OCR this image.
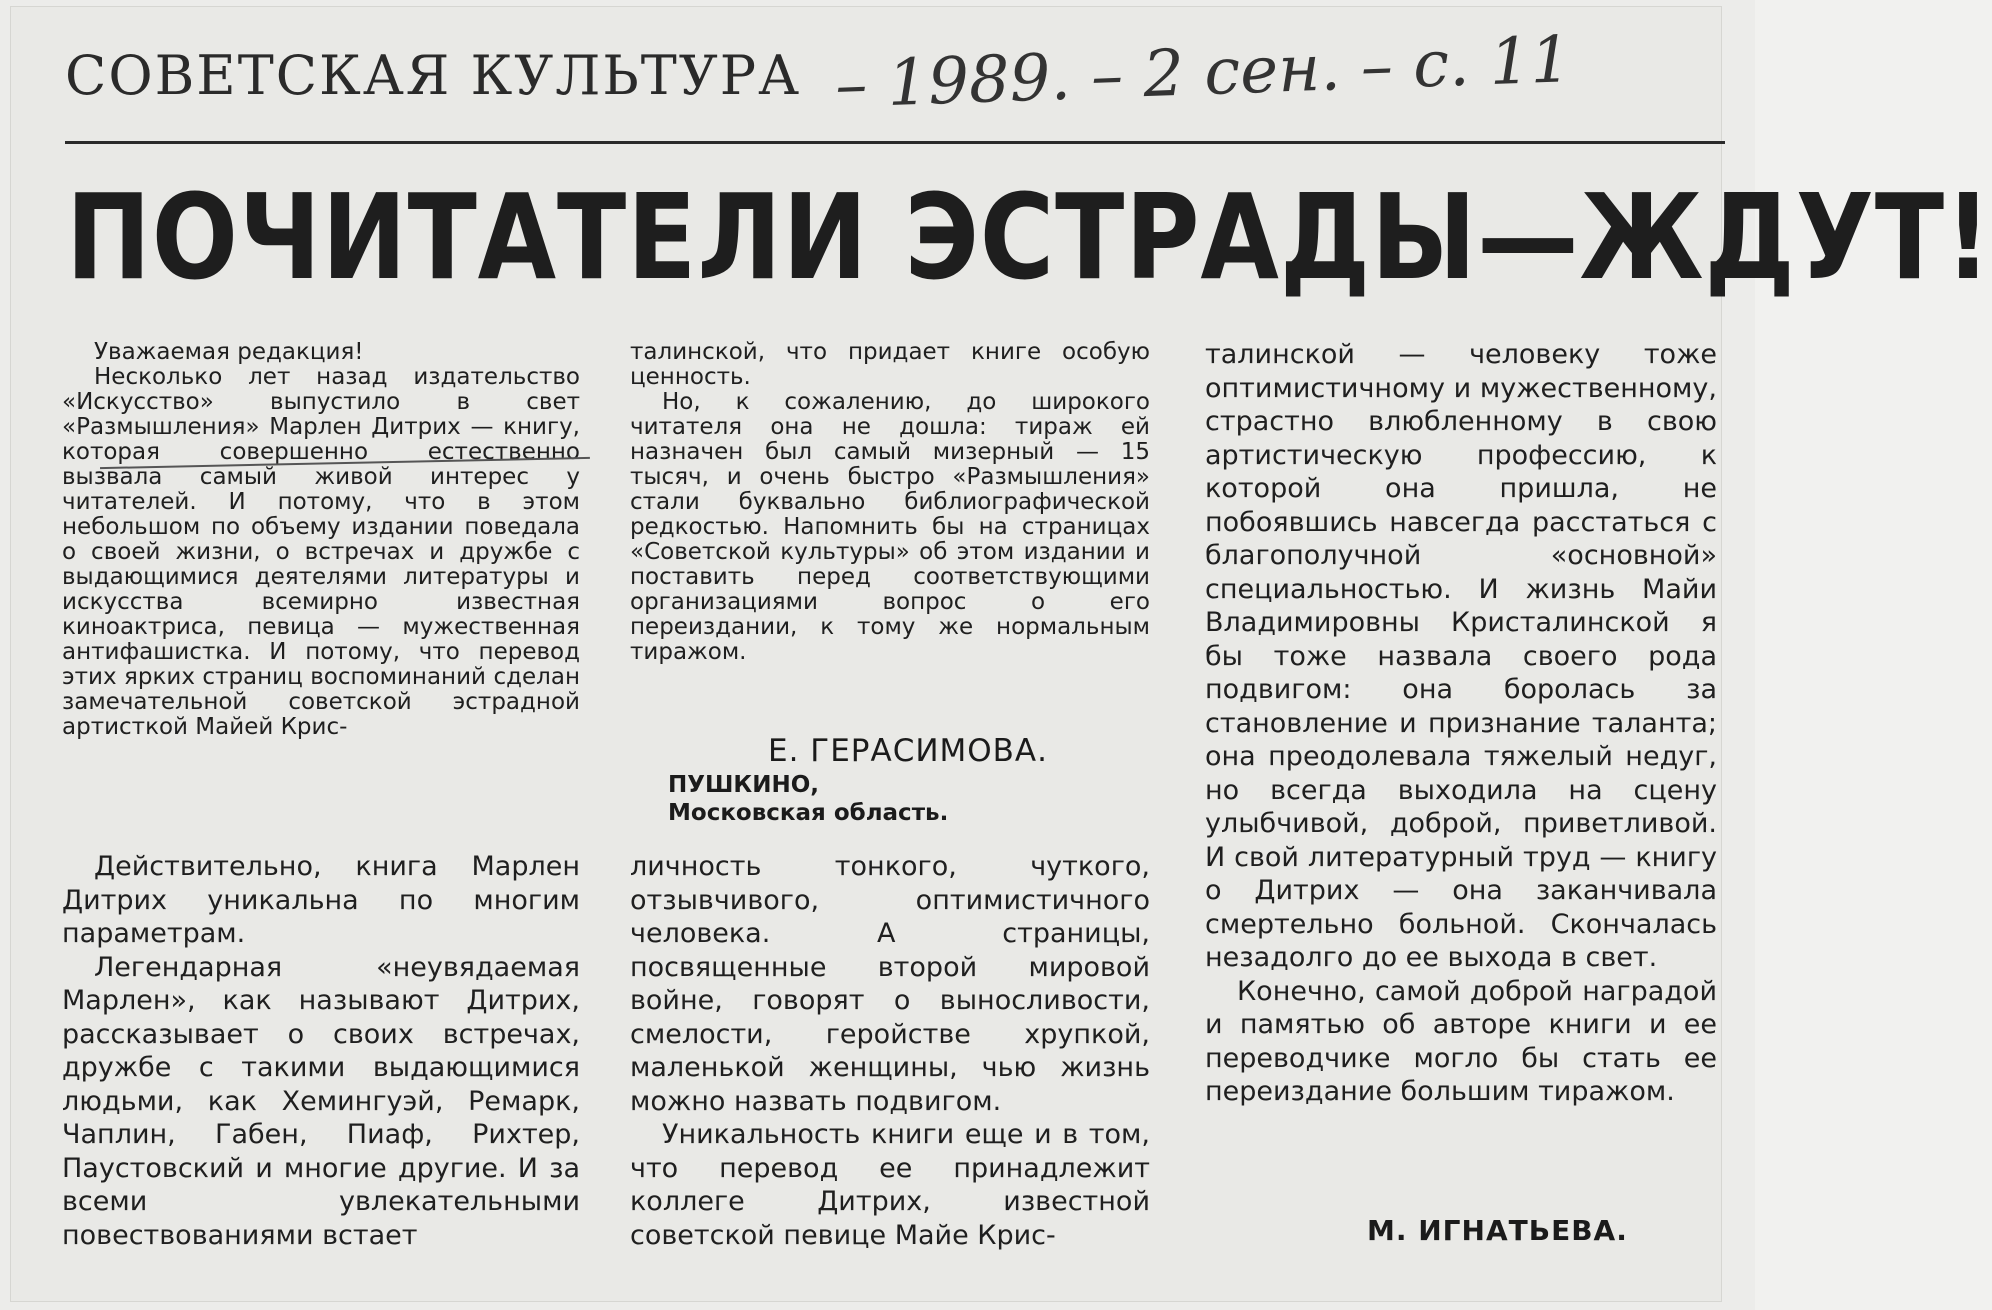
СОВЕТСКАЯ КУЛЬТУРА – 1989. – 2 сен. – с. 11
ПОЧИТАТЕЛИ ЭСТРАДЫ—ЖДУТ!

Уважаемая редакция!

Несколько лет назад издательство «Искусство» выпустило в свет «Размышления» Марлен Дитрих — книгу, которая совершенно естественно вызвала самый живой интерес у читателей. И потому, что в этом небольшом по объему издании поведала о своей жизни, о встречах и дружбе с выдающимися деятелями литературы и искусства всемирно известная киноактриса, певица — мужественная антифашистка. И потому, что перевод этих ярких страниц воспоминаний сделан замечательной советской эстрадной артисткой Майей Крис-

талинской, что придает книге особую ценность.

Но, к сожалению, до широкого читателя она не дошла: тираж ей назначен был самый мизерный — 15 тысяч, и очень быстро «Размышления» стали буквально библиографической редкостью. Напомнить бы на страницах «Советской культуры» об этом издании и поставить перед соответствующими организациями вопрос о его переиздании, к тому же нормальным тиражом.

Е. ГЕРАСИМОВА.
ПУШКИНО,
Московская область.

Действительно, книга Марлен Дитрих уникальна по многим параметрам.

Легендарная «неувядаемая Марлен», как называют Дитрих, рассказывает о своих встречах, дружбе с такими выдающимися людьми, как Хемингуэй, Ремарк, Чаплин, Габен, Пиаф, Рихтер, Паустовский и многие другие. И за всеми увлекательными повествованиями встает

личность тонкого, чуткого, отзывчивого, оптимистичного человека. А страницы, посвященные второй мировой войне, говорят о выносливости, смелости, геройстве хрупкой, маленькой женщины, чью жизнь можно назвать подвигом.

Уникальность книги еще и в том, что перевод ее принадлежит коллеге Дитрих, известной советской певице Майе Крис-

талинской — человеку тоже оптимистичному и мужественному, страстно влюбленному в свою артистическую профессию, к которой она пришла, не побоявшись навсегда расстаться с благополучной «основной» специальностью. И жизнь Майи Владимировны Кристалинской я бы тоже назвала своего рода подвигом: она боролась за становление и признание таланта; она преодолевала тяжелый недуг, но всегда выходила на сцену улыбчивой, доброй, приветливой. И свой литературный труд — книгу о Дитрих — она заканчивала смертельно больной. Скончалась незадолго до ее выхода в свет.

Конечно, самой доброй наградой и памятью об авторе книги и ее переводчике могло бы стать ее переиздание большим тиражом.

М. ИГНАТЬЕВА.
